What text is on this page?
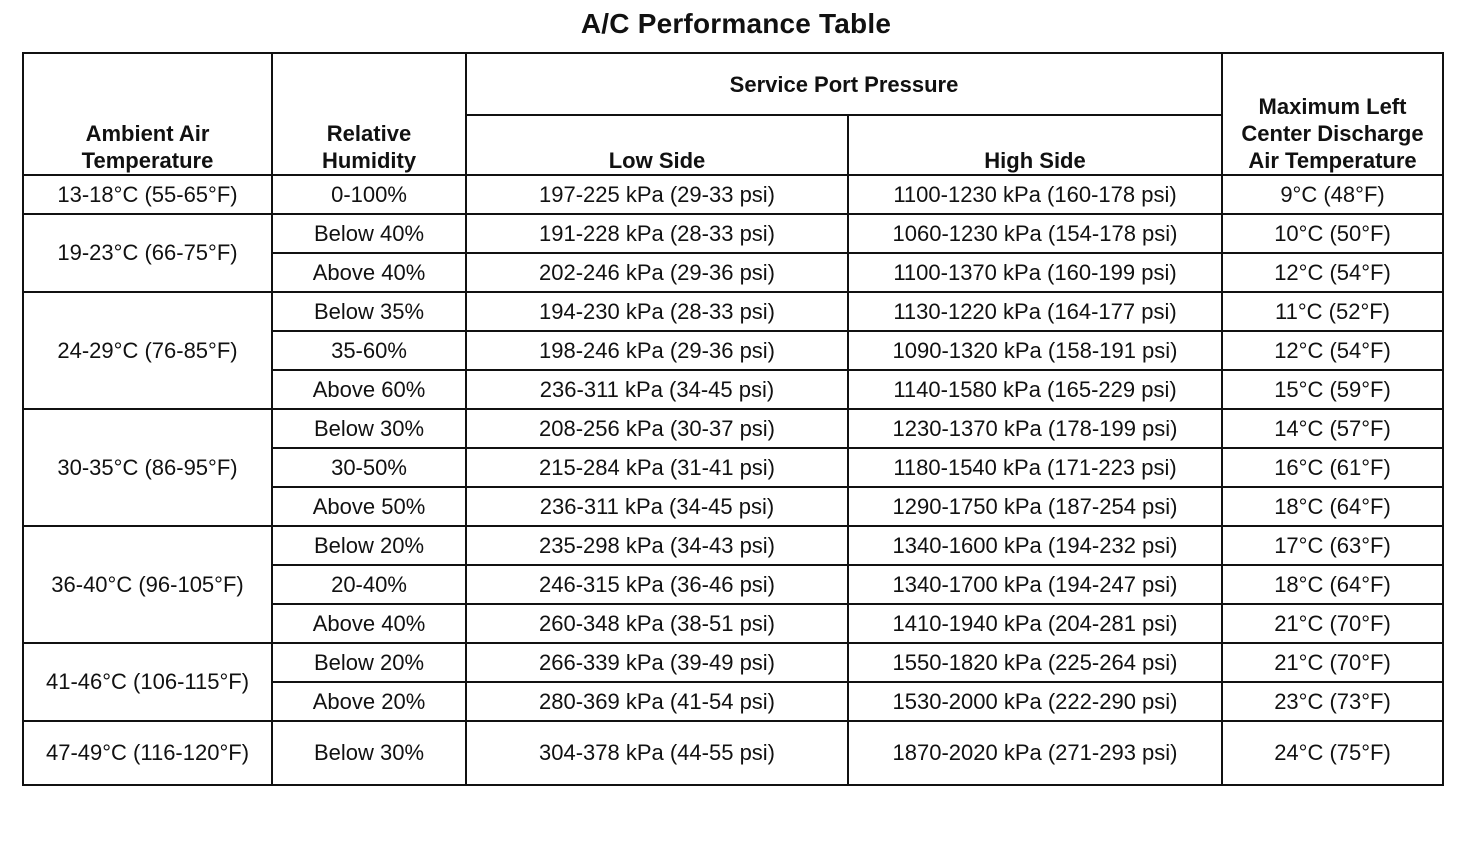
A/C Performance Table
Ambient Air Temperature	Relative Humidity	Service Port Pressure		Maximum Left Center Discharge Air Temperature
		Low Side	High Side	
13-18°C (55-65°F)	0-100%	197-225 kPa (29-33 psi)	1100-1230 kPa (160-178 psi)	9°C (48°F)
19-23°C (66-75°F)	Below 40%	191-228 kPa (28-33 psi)	1060-1230 kPa (154-178 psi)	10°C (50°F)
	Above 40%	202-246 kPa (29-36 psi)	1100-1370 kPa (160-199 psi)	12°C (54°F)
24-29°C (76-85°F)	Below 35%	194-230 kPa (28-33 psi)	1130-1220 kPa (164-177 psi)	11°C (52°F)
	35-60%	198-246 kPa (29-36 psi)	1090-1320 kPa (158-191 psi)	12°C (54°F)
	Above 60%	236-311 kPa (34-45 psi)	1140-1580 kPa (165-229 psi)	15°C (59°F)
30-35°C (86-95°F)	Below 30%	208-256 kPa (30-37 psi)	1230-1370 kPa (178-199 psi)	14°C (57°F)
	30-50%	215-284 kPa (31-41 psi)	1180-1540 kPa (171-223 psi)	16°C (61°F)
	Above 50%	236-311 kPa (34-45 psi)	1290-1750 kPa (187-254 psi)	18°C (64°F)
36-40°C (96-105°F)	Below 20%	235-298 kPa (34-43 psi)	1340-1600 kPa (194-232 psi)	17°C (63°F)
	20-40%	246-315 kPa (36-46 psi)	1340-1700 kPa (194-247 psi)	18°C (64°F)
	Above 40%	260-348 kPa (38-51 psi)	1410-1940 kPa (204-281 psi)	21°C (70°F)
41-46°C (106-115°F)	Below 20%	266-339 kPa (39-49 psi)	1550-1820 kPa (225-264 psi)	21°C (70°F)
	Above 20%	280-369 kPa (41-54 psi)	1530-2000 kPa (222-290 psi)	23°C (73°F)
47-49°C (116-120°F)	Below 30%	304-378 kPa (44-55 psi)	1870-2020 kPa (271-293 psi)	24°C (75°F)
